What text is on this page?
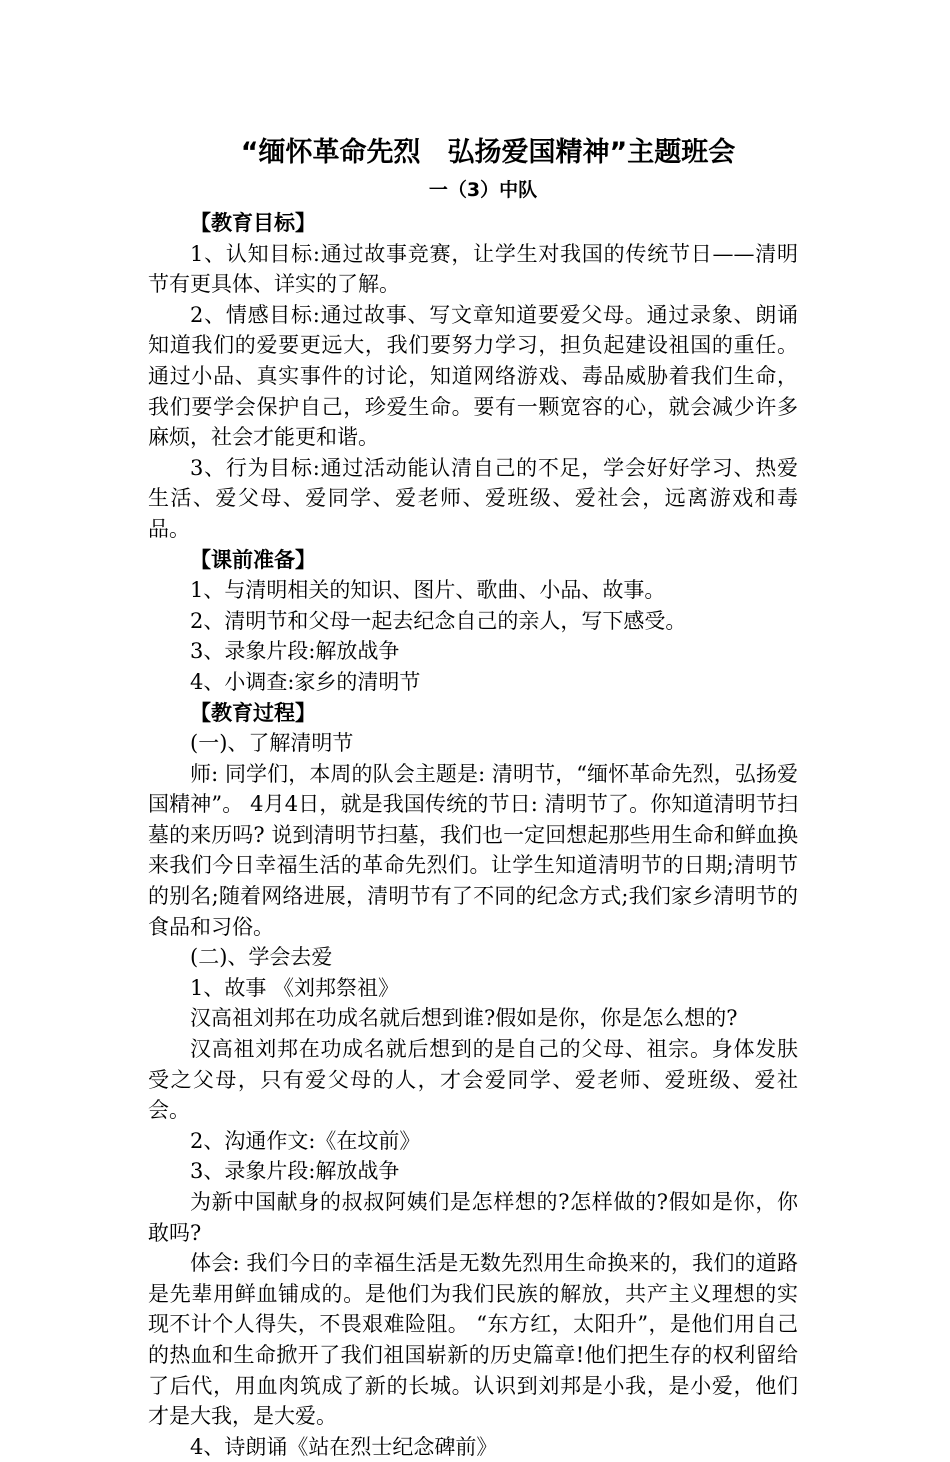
“缅怀革命先烈　弘扬爱国精神”主题班会
一（3）中队
【教育目标】
1、认知目标:通过故事竞赛，让学生对我国的传统节日——清明节有更具体、详实的了解。
2、情感目标:通过故事、写文章知道要爱父母。通过录象、朗诵知道我们的爱要更远大，我们要努力学习，担负起建设祖国的重任。通过小品、真实事件的讨论，知道网络游戏、毒品威胁着我们生命，我们要学会保护自己，珍爱生命。要有一颗宽容的心，就会减少许多麻烦，社会才能更和谐。
3、行为目标:通过活动能认清自己的不足，学会好好学习、热爱生活、爱父母、爱同学、爱老师、爱班级、爱社会，远离游戏和毒品。
【课前准备】
1、与清明相关的知识、图片、歌曲、小品、故事。
2、清明节和父母一起去纪念自己的亲人，写下感受。
3、录象片段:解放战争
4、小调查:家乡的清明节
【教育过程】
(一)、了解清明节
师: 同学们，本周的队会主题是: 清明节，“缅怀革命先烈，弘扬爱国精神”。 4月4日，就是我国传统的节日: 清明节了。你知道清明节扫墓的来历吗? 说到清明节扫墓，我们也一定回想起那些用生命和鲜血换来我们今日幸福生活的革命先烈们。让学生知道清明节的日期;清明节的别名;随着网络进展，清明节有了不同的纪念方式;我们家乡清明节的食品和习俗。
(二)、学会去爱
1、故事 《刘邦祭祖》
汉高祖刘邦在功成名就后想到谁?假如是你，你是怎么想的?
汉高祖刘邦在功成名就后想到的是自己的父母、祖宗。身体发肤受之父母，只有爱父母的人，才会爱同学、爱老师、爱班级、爱社会。
2、沟通作文:《在坟前》
3、录象片段:解放战争
为新中国献身的叔叔阿姨们是怎样想的?怎样做的?假如是你，你敢吗?
体会: 我们今日的幸福生活是无数先烈用生命换来的，我们的道路是先辈用鲜血铺成的。是他们为我们民族的解放，共产主义理想的实现不计个人得失，不畏艰难险阻。 “东方红，太阳升”，是他们用自己的热血和生命掀开了我们祖国崭新的历史篇章!他们把生存的权利留给了后代，用血肉筑成了新的长城。认识到刘邦是小我，是小爱，他们才是大我，是大爱。
4、诗朗诵《站在烈士纪念碑前》
